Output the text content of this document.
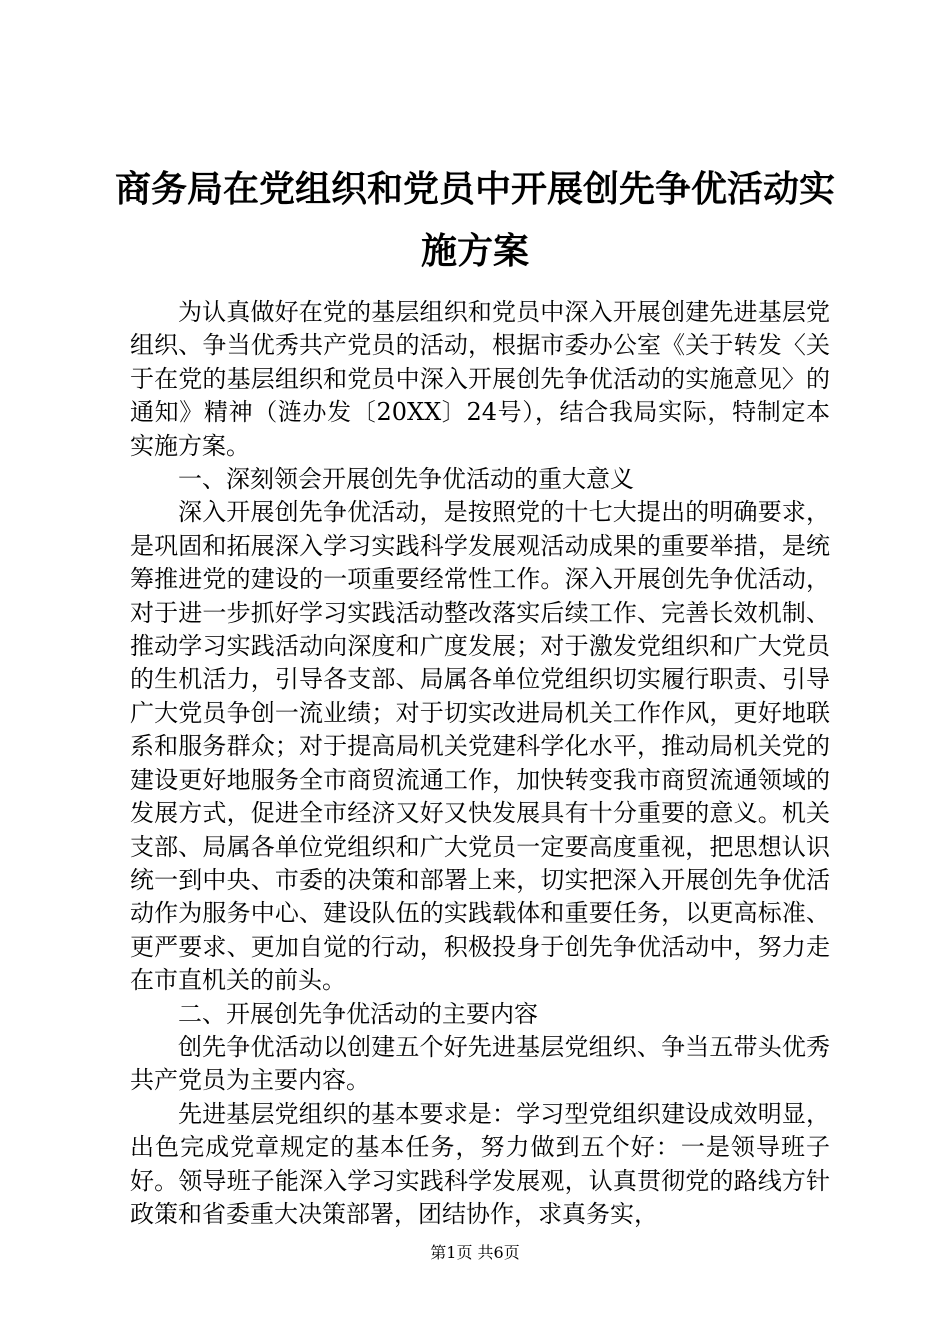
商务局在党组织和党员中开展创先争优活动实施方案

为认真做好在党的基层组织和党员中深入开展创建先进基层党组织、争当优秀共产党员的活动，根据市委办公室《关于转发〈关于在党的基层组织和党员中深入开展创先争优活动的实施意见〉的通知》精神（涟办发〔20XX〕24号），结合我局实际，特制定本实施方案。

一、深刻领会开展创先争优活动的重大意义

深入开展创先争优活动，是按照党的十七大提出的明确要求，是巩固和拓展深入学习实践科学发展观活动成果的重要举措，是统筹推进党的建设的一项重要经常性工作。深入开展创先争优活动，对于进一步抓好学习实践活动整改落实后续工作、完善长效机制、推动学习实践活动向深度和广度发展；对于激发党组织和广大党员的生机活力，引导各支部、局属各单位党组织切实履行职责、引导广大党员争创一流业绩；对于切实改进局机关工作作风，更好地联系和服务群众；对于提高局机关党建科学化水平，推动局机关党的建设更好地服务全市商贸流通工作，加快转变我市商贸流通领域的发展方式，促进全市经济又好又快发展具有十分重要的意义。机关支部、局属各单位党组织和广大党员一定要高度重视，把思想认识统一到中央、市委的决策和部署上来，切实把深入开展创先争优活动作为服务中心、建设队伍的实践载体和重要任务，以更高标准、更严要求、更加自觉的行动，积极投身于创先争优活动中，努力走在市直机关的前头。

二、开展创先争优活动的主要内容

创先争优活动以创建五个好先进基层党组织、争当五带头优秀共产党员为主要内容。

先进基层党组织的基本要求是：学习型党组织建设成效明显，出色完成党章规定的基本任务，努力做到五个好：一是领导班子好。领导班子能深入学习实践科学发展观，认真贯彻党的路线方针政策和省委重大决策部署，团结协作，求真务实，

第1页 共6页
